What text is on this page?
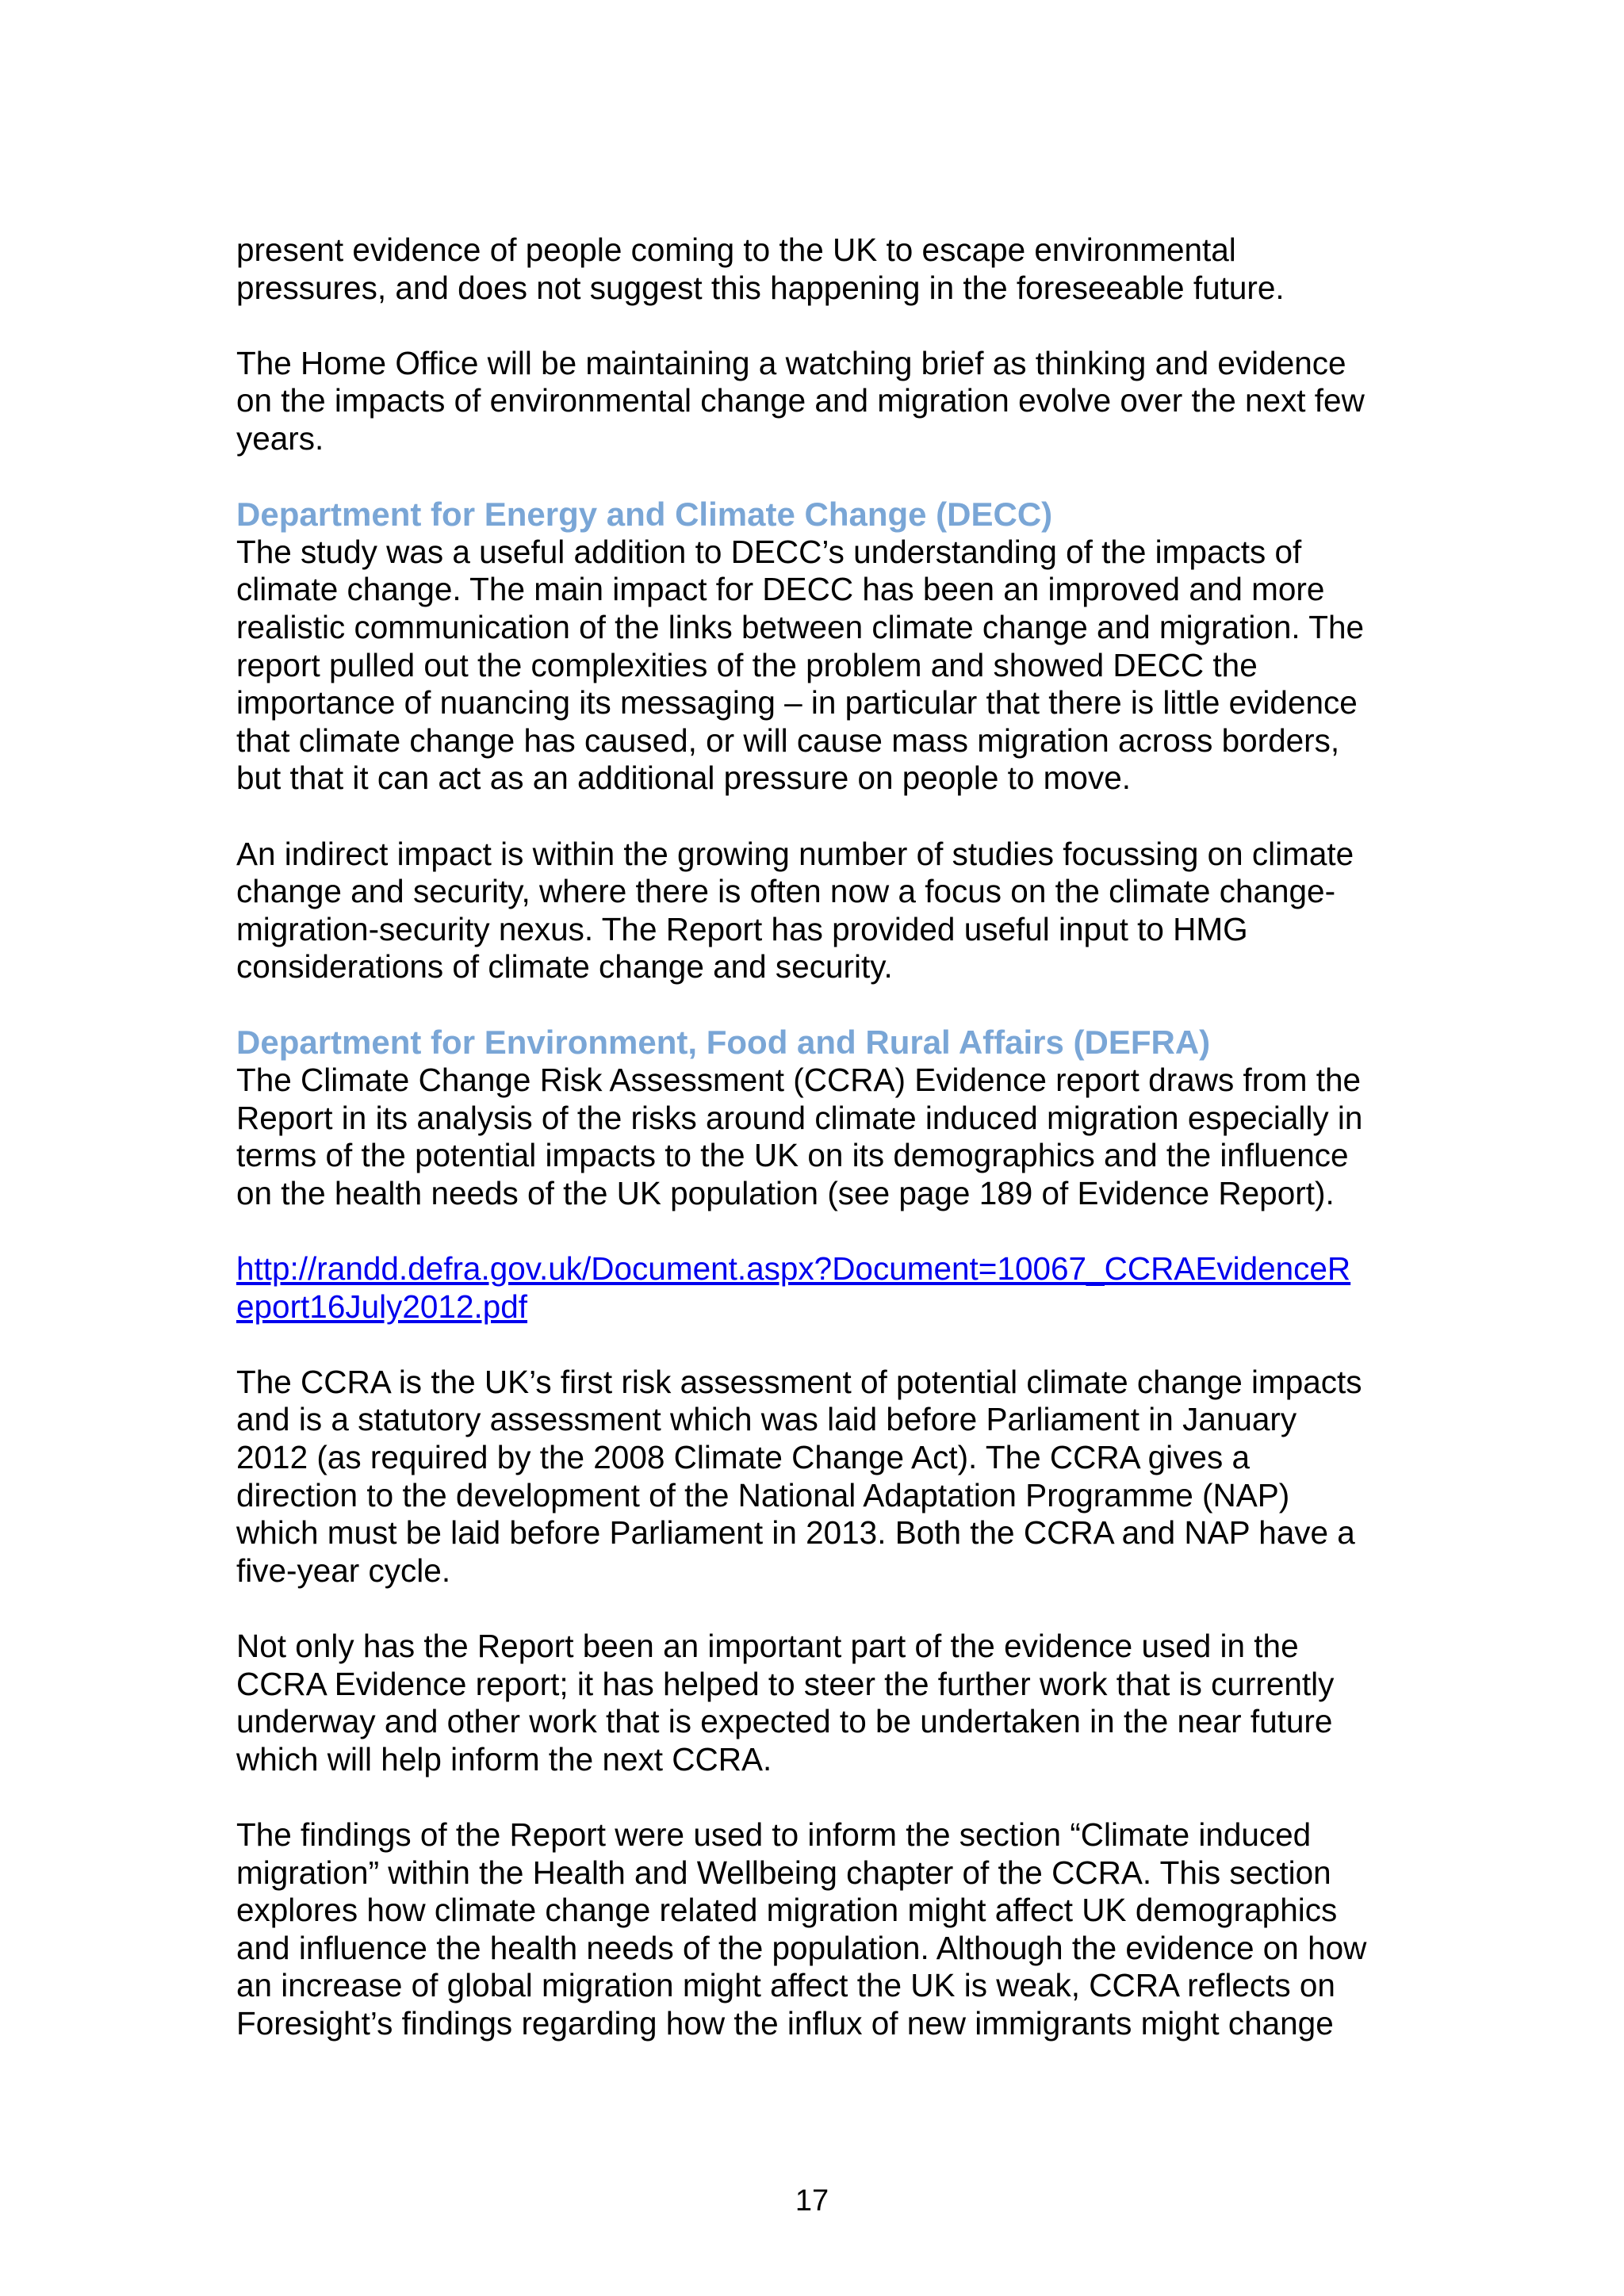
present evidence of people coming to the UK to escape environmental
pressures, and does not suggest this happening in the foreseeable future.

The Home Office will be maintaining a watching brief as thinking and evidence
on the impacts of environmental change and migration evolve over the next few
years.

Department for Energy and Climate Change (DECC)

The study was a useful addition to DECC’s understanding of the impacts of
climate change. The main impact for DECC has been an improved and more
realistic communication of the links between climate change and migration. The
report pulled out the complexities of the problem and showed DECC the
importance of nuancing its messaging – in particular that there is little evidence
that climate change has caused, or will cause mass migration across borders,
but that it can act as an additional pressure on people to move.

An indirect impact is within the growing number of studies focussing on climate
change and security, where there is often now a focus on the climate change-
migration-security nexus. The Report has provided useful input to HMG
considerations of climate change and security.

Department for Environment, Food and Rural Affairs (DEFRA)

The Climate Change Risk Assessment (CCRA) Evidence report draws from the
Report in its analysis of the risks around climate induced migration especially in
terms of the potential impacts to the UK on its demographics and the influence
on the health needs of the UK population (see page 189 of Evidence Report).

http://randd.defra.gov.uk/Document.aspx?Document=10067_CCRAEvidenceR
eport16July2012.pdf

The CCRA is the UK’s first risk assessment of potential climate change impacts
and is a statutory assessment which was laid before Parliament in January
2012 (as required by the 2008 Climate Change Act). The CCRA gives a
direction to the development of the National Adaptation Programme (NAP)
which must be laid before Parliament in 2013. Both the CCRA and NAP have a
five-year cycle.

Not only has the Report been an important part of the evidence used in the
CCRA Evidence report; it has helped to steer the further work that is currently
underway and other work that is expected to be undertaken in the near future
which will help inform the next CCRA.

The findings of the Report were used to inform the section “Climate induced
migration” within the Health and Wellbeing chapter of the CCRA. This section
explores how climate change related migration might affect UK demographics
and influence the health needs of the population. Although the evidence on how
an increase of global migration might affect the UK is weak, CCRA reflects on
Foresight’s findings regarding how the influx of new immigrants might change

17
